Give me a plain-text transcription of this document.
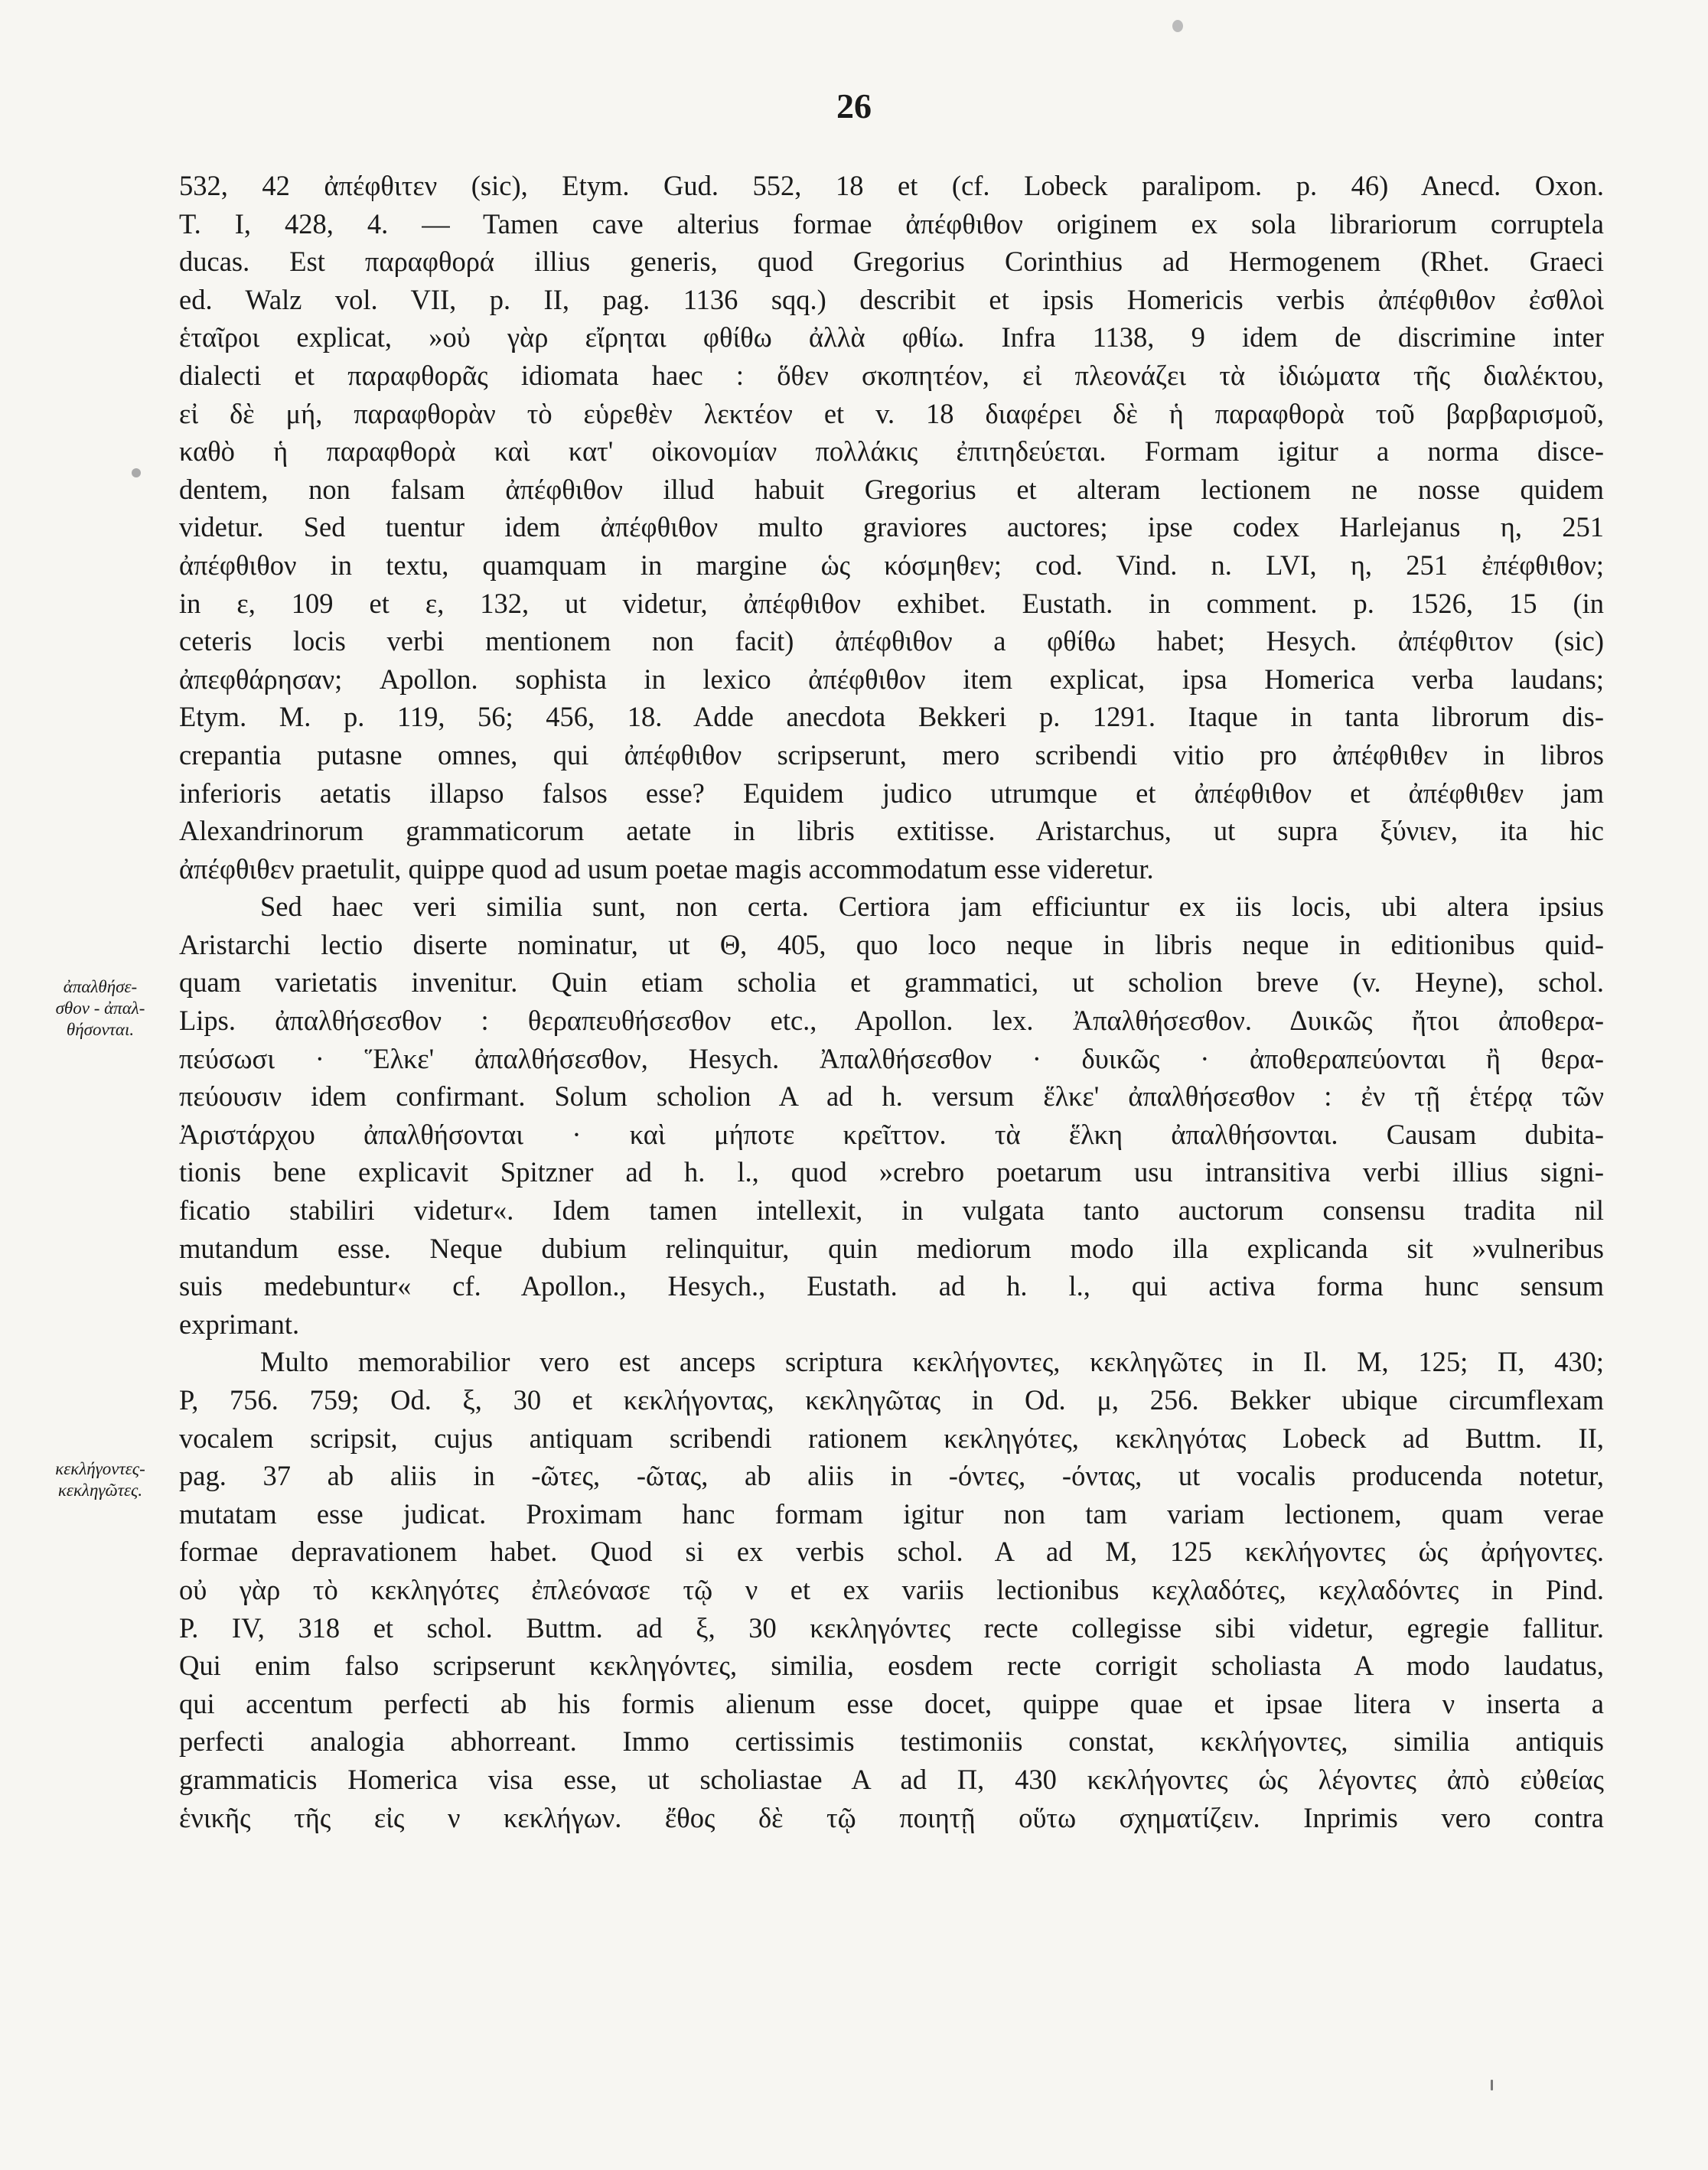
26
ἀπαλθήσε-
σθον - ἀπαλ-
θήσονται.
κεκλήγοντες-
κεκληγῶτες.
532, 42 ἀπέφθιτεν (sic), Etym. Gud. 552, 18 et (cf. Lobeck paralipom. p. 46) Anecd. Oxon.
T. I, 428, 4. — Tamen cave alterius formae ἀπέφθιθον originem ex sola librariorum corruptela
ducas. Est παραφθορά illius generis, quod Gregorius Corinthius ad Hermogenem (Rhet. Graeci
ed. Walz vol. VII, p. II, pag. 1136 sqq.) describit et ipsis Homericis verbis ἀπέφθιθον ἐσθλοὶ
ἑταῖροι explicat, »οὐ γὰρ εἴρηται φθίθω ἀλλὰ φθίω. Infra 1138, 9 idem de discrimine inter
dialecti et παραφθορᾶς idiomata haec : ὅθεν σκοπητέον, εἰ πλεονάζει τὰ ἰδιώματα τῆς διαλέκτου,
εἰ δὲ μή, παραφθορὰν τὸ εὑρεθὲν λεκτέον et v. 18 διαφέρει δὲ ἡ παραφθορὰ τοῦ βαρβαρισμοῦ,
καθὸ ἡ παραφθορὰ καὶ κατ' οἰκονομίαν πολλάκις ἐπιτηδεύεται. Formam igitur a norma disce-
dentem, non falsam ἀπέφθιθον illud habuit Gregorius et alteram lectionem ne nosse quidem
videtur. Sed tuentur idem ἀπέφθιθον multo graviores auctores; ipse codex Harlejanus η, 251
ἀπέφθιθον in textu, quamquam in margine ὡς κόσμηθεν; cod. Vind. n. LVI, η, 251 ἐπέφθιθον;
in ε, 109 et ε, 132, ut videtur, ἀπέφθιθον exhibet. Eustath. in comment. p. 1526, 15 (in
ceteris locis verbi mentionem non facit) ἀπέφθιθον a φθίθω habet; Hesych. ἀπέφθιτον (sic)
ἀπεφθάρησαν; Apollon. sophista in lexico ἀπέφθιθον item explicat, ipsa Homerica verba laudans;
Etym. M. p. 119, 56; 456, 18. Adde anecdota Bekkeri p. 1291. Itaque in tanta librorum dis-
crepantia putasne omnes, qui ἀπέφθιθον scripserunt, mero scribendi vitio pro ἀπέφθιθεν in libros
inferioris aetatis illapso falsos esse? Equidem judico utrumque et ἀπέφθιθον et ἀπέφθιθεν jam
Alexandrinorum grammaticorum aetate in libris extitisse. Aristarchus, ut supra ξύνιεν, ita hic
ἀπέφθιθεν praetulit, quippe quod ad usum poetae magis accommodatum esse videretur.
Sed haec veri similia sunt, non certa. Certiora jam efficiuntur ex iis locis, ubi altera ipsius
Aristarchi lectio diserte nominatur, ut Θ, 405, quo loco neque in libris neque in editionibus quid-
quam varietatis invenitur. Quin etiam scholia et grammatici, ut scholion breve (v. Heyne), schol.
Lips. ἀπαλθήσεσθον : θεραπευθήσεσθον etc., Apollon. lex. Ἀπαλθήσεσθον. Δυικῶς ἤτοι ἀποθερα-
πεύσωσι · Ἕλκε' ἀπαλθήσεσθον, Hesych. Ἀπαλθήσεσθον · δυικῶς · ἀποθεραπεύονται ἢ θερα-
πεύουσιν idem confirmant. Solum scholion A ad h. versum ἕλκε' ἀπαλθήσεσθον : ἐν τῇ ἑτέρᾳ τῶν
Ἀριστάρχου ἀπαλθήσονται · καὶ μήποτε κρεῖττον. τὰ ἕλκη ἀπαλθήσονται. Causam dubita-
tionis bene explicavit Spitzner ad h. l., quod »crebro poetarum usu intransitiva verbi illius signi-
ficatio stabiliri videtur«. Idem tamen intellexit, in vulgata tanto auctorum consensu tradita nil
mutandum esse. Neque dubium relinquitur, quin mediorum modo illa explicanda sit »vulneribus
suis medebuntur« cf. Apollon., Hesych., Eustath. ad h. l., qui activa forma hunc sensum
exprimant.
Multo memorabilior vero est anceps scriptura κεκλήγοντες, κεκληγῶτες in Il. M, 125; Π, 430;
P, 756. 759; Od. ξ, 30 et κεκλήγοντας, κεκληγῶτας in Od. μ, 256. Bekker ubique circumflexam
vocalem scripsit, cujus antiquam scribendi rationem κεκληγότες, κεκληγότας Lobeck ad Buttm. II,
pag. 37 ab aliis in -ῶτες, -ῶτας, ab aliis in -όντες, -όντας, ut vocalis producenda notetur,
mutatam esse judicat. Proximam hanc formam igitur non tam variam lectionem, quam verae
formae depravationem habet. Quod si ex verbis schol. A ad M, 125 κεκλήγοντες ὡς ἀρήγοντες.
οὐ γὰρ τὸ κεκληγότες ἐπλεόνασε τῷ ν et ex variis lectionibus κεχλαδότες, κεχλαδόντες in Pind.
P. IV, 318 et schol. Buttm. ad ξ, 30 κεκληγόντες recte collegisse sibi videtur, egregie fallitur.
Qui enim falso scripserunt κεκληγόντες, similia, eosdem recte corrigit scholiasta A modo laudatus,
qui accentum perfecti ab his formis alienum esse docet, quippe quae et ipsae litera ν inserta a
perfecti analogia abhorreant. Immo certissimis testimoniis constat, κεκλήγοντες, similia antiquis
grammaticis Homerica visa esse, ut scholiastae A ad Π, 430 κεκλήγοντες ὡς λέγοντες ἀπὸ εὐθείας
ἑνικῆς τῆς εἰς ν κεκλήγων. ἔθος δὲ τῷ ποιητῇ οὕτω σχηματίζειν. Inprimis vero contra
